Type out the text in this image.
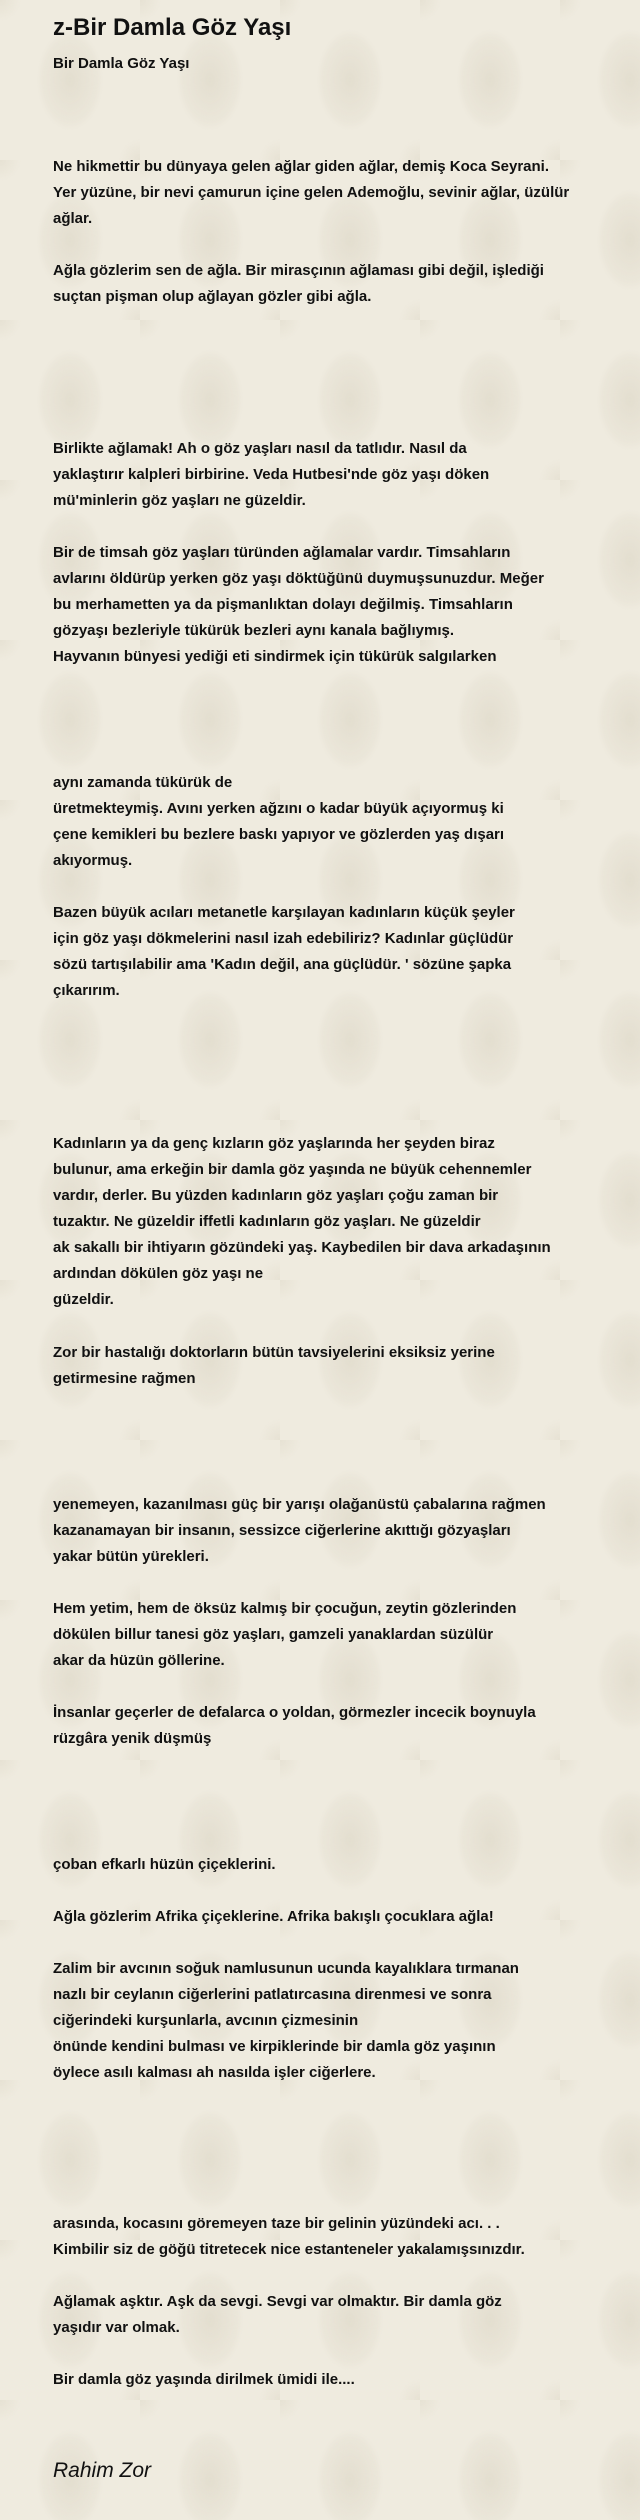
z-Bir Damla Göz Yaşı
Bir Damla Göz Yaşı
Ne hikmettir bu dünyaya gelen ağlar giden ağlar, demiş Koca Seyrani.
Yer yüzüne, bir nevi çamurun içine gelen Ademoğlu, sevinir ağlar, üzülür
ağlar.
Ağla gözlerim sen de ağla. Bir mirasçının ağlaması gibi değil, işlediği
suçtan pişman olup ağlayan gözler gibi ağla.
Birlikte ağlamak! Ah o göz yaşları nasıl da tatlıdır. Nasıl da
yaklaştırır kalpleri birbirine. Veda Hutbesi'nde göz yaşı döken
mü'minlerin göz yaşları ne güzeldir.
Bir de timsah göz yaşları türünden ağlamalar vardır. Timsahların
avlarını öldürüp yerken göz yaşı döktüğünü duymuşsunuzdur. Meğer
bu merhametten ya da pişmanlıktan dolayı değilmiş. Timsahların
gözyaşı bezleriyle tükürük bezleri aynı kanala bağlıymış.
Hayvanın bünyesi yediği eti sindirmek için tükürük salgılarken
aynı zamanda tükürük de
üretmekteymiş. Avını yerken ağzını o kadar büyük açıyormuş ki
çene kemikleri bu bezlere baskı yapıyor ve gözlerden yaş dışarı
akıyormuş.
Bazen büyük acıları metanetle karşılayan kadınların küçük şeyler
için göz yaşı dökmelerini nasıl izah edebiliriz? Kadınlar güçlüdür
sözü tartışılabilir ama 'Kadın değil, ana güçlüdür. ' sözüne şapka
çıkarırım.
Kadınların ya da genç kızların göz yaşlarında her şeyden biraz
bulunur, ama erkeğin bir damla göz yaşında ne büyük cehennemler
vardır, derler. Bu yüzden kadınların göz yaşları çoğu zaman bir
tuzaktır. Ne güzeldir iffetli kadınların göz yaşları. Ne güzeldir
ak sakallı bir ihtiyarın gözündeki yaş. Kaybedilen bir dava arkadaşının
ardından dökülen göz yaşı ne
güzeldir.
Zor bir hastalığı doktorların bütün tavsiyelerini eksiksiz yerine
getirmesine rağmen
yenemeyen, kazanılması güç bir yarışı olağanüstü çabalarına rağmen
kazanamayan bir insanın, sessizce ciğerlerine akıttığı gözyaşları
yakar bütün yürekleri.
Hem yetim, hem de öksüz kalmış bir çocuğun, zeytin gözlerinden
dökülen billur tanesi göz yaşları, gamzeli yanaklardan süzülür
akar da hüzün göllerine.
İnsanlar geçerler de defalarca o yoldan, görmezler incecik boynuyla
rüzgâra yenik düşmüş
çoban efkarlı hüzün çiçeklerini.
Ağla gözlerim Afrika çiçeklerine. Afrika bakışlı çocuklara ağla!
Zalim bir avcının soğuk namlusunun ucunda kayalıklara tırmanan
nazlı bir ceylanın ciğerlerini patlatırcasına direnmesi ve sonra
ciğerindeki kurşunlarla, avcının çizmesinin
önünde kendini bulması ve kirpiklerinde bir damla göz yaşının
öylece asılı kalması ah nasılda işler ciğerlere.
arasında, kocasını göremeyen taze bir gelinin yüzündeki acı. . .
Kimbilir siz de göğü titretecek nice estanteneler yakalamışsınızdır.
Ağlamak aşktır. Aşk da sevgi. Sevgi var olmaktır. Bir damla göz
yaşıdır var olmak.
Bir damla göz yaşında dirilmek ümidi ile....

Rahim Zor
